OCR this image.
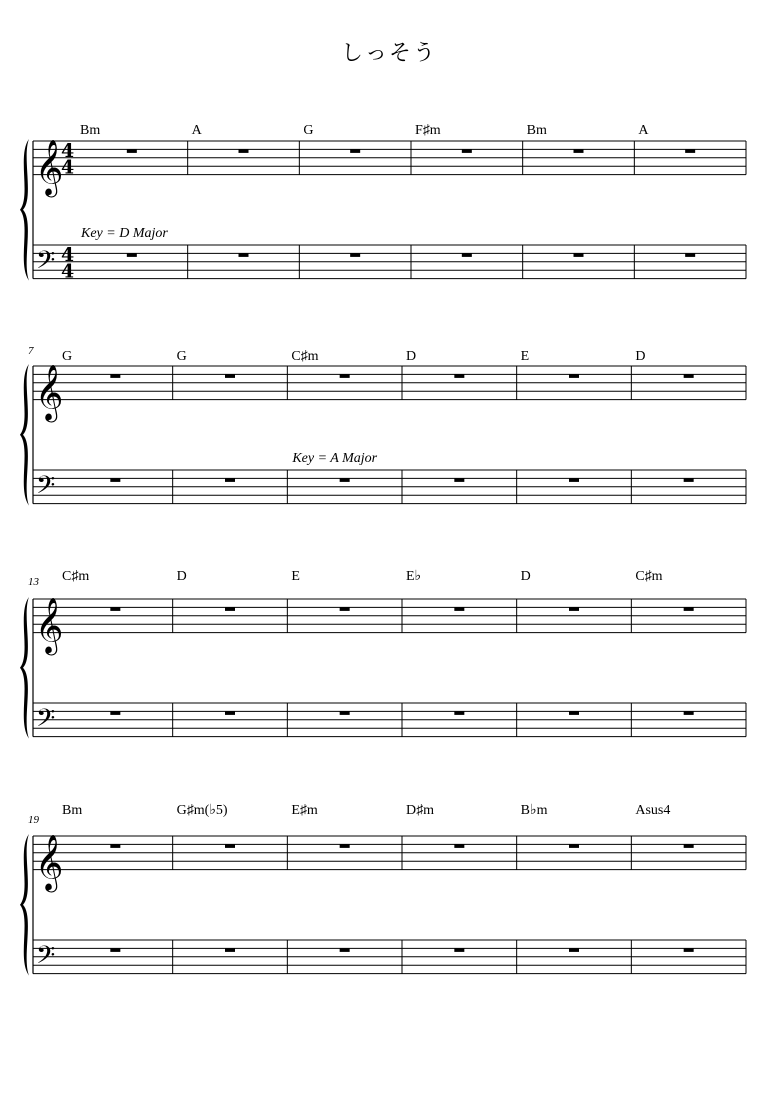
しっそう
𝄞
𝄢
4
4
4
4
Bm
Key = D Major
A	G	F♯m	Bm	A
𝄞
𝄢
7 G	G	C♯m
Key = A Major
D	E	D
𝄞
𝄢
13 C♯m	D	E	E♭	D	C♯m
𝄞
𝄢
19
Bm	G♯m(♭5)	E♯m	D♯m	B♭m	Asus4
